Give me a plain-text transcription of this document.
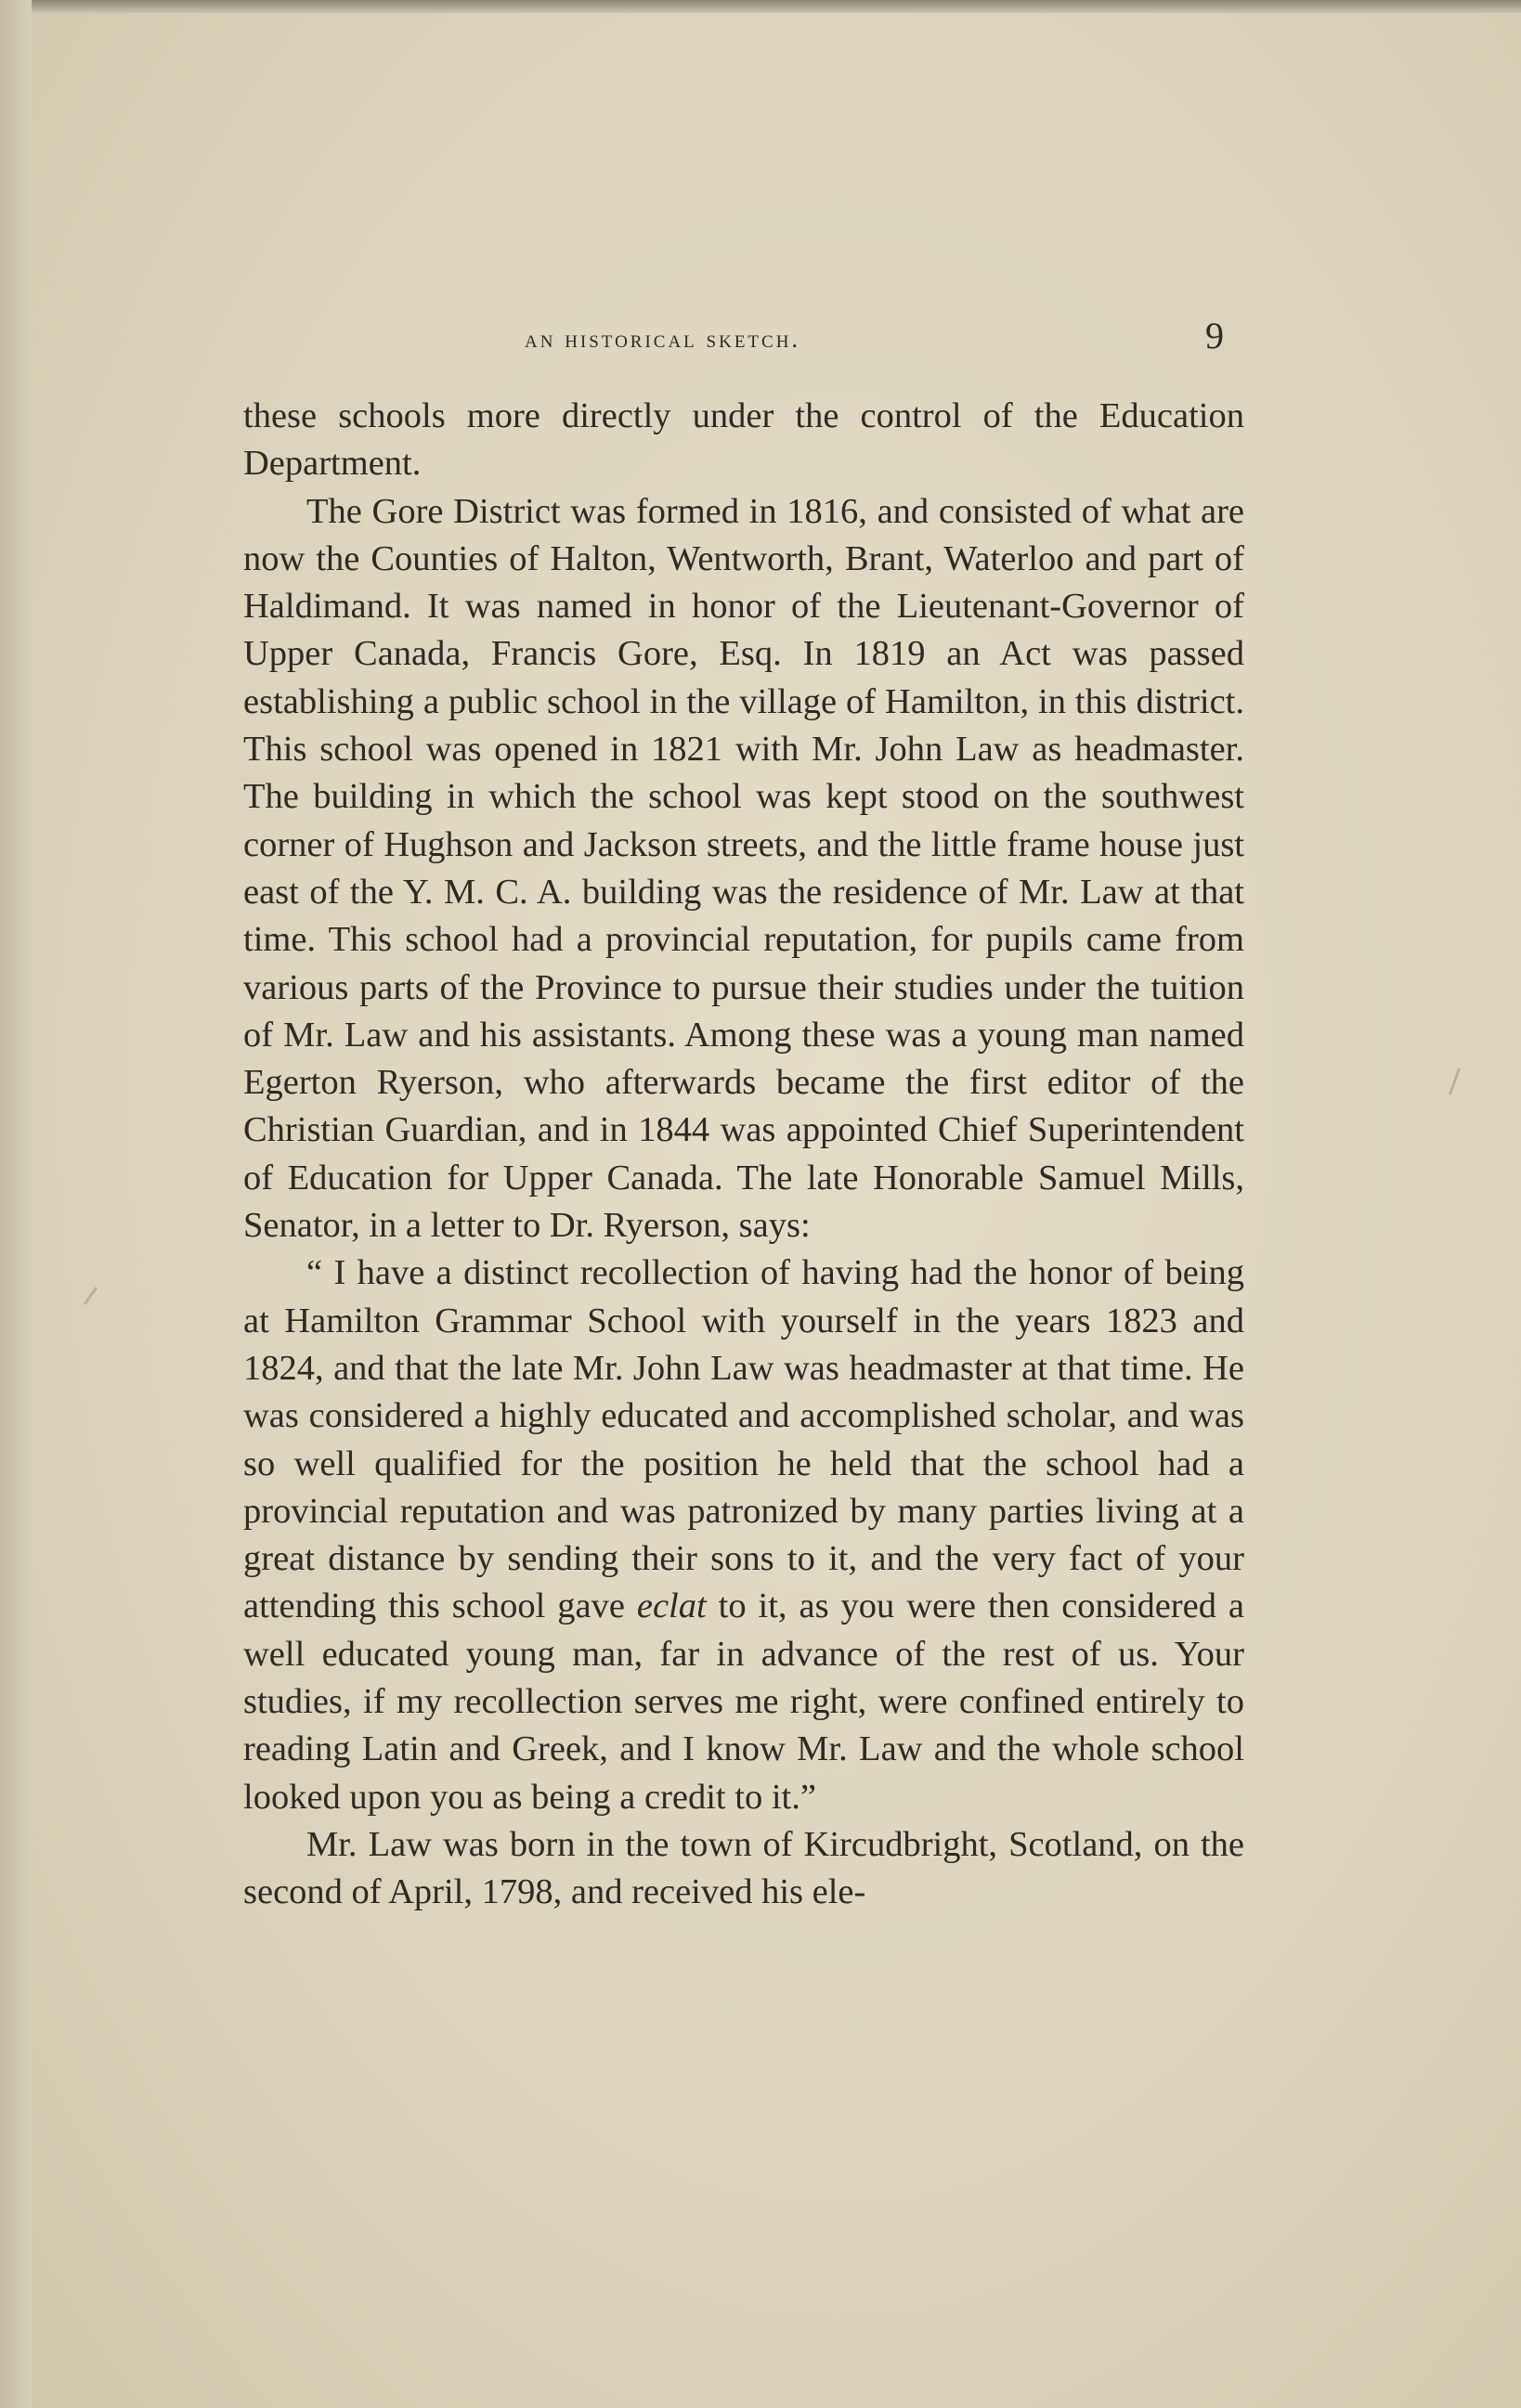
an historical sketch.	9

these schools more directly under the control of the Education Department.

The Gore District was formed in 1816, and consisted of what are now the Counties of Halton, Wentworth, Brant, Waterloo and part of Haldimand. It was named in honor of the Lieutenant-Governor of Upper Canada, Francis Gore, Esq. In 1819 an Act was passed establishing a public school in the village of Hamilton, in this district. This school was opened in 1821 with Mr. John Law as headmaster. The building in which the school was kept stood on the southwest corner of Hughson and Jackson streets, and the little frame house just east of the Y. M. C. A. building was the residence of Mr. Law at that time. This school had a provincial reputation, for pupils came from various parts of the Province to pursue their studies under the tuition of Mr. Law and his assistants. Among these was a young man named Egerton Ryerson, who afterwards became the first editor of the Christian Guardian, and in 1844 was appointed Chief Superintendent of Education for Upper Canada. The late Honorable Samuel Mills, Senator, in a letter to Dr. Ryerson, says:

“ I have a distinct recollection of having had the honor of being at Hamilton Grammar School with yourself in the years 1823 and 1824, and that the late Mr. John Law was headmaster at that time. He was considered a highly educated and accomplished scholar, and was so well qualified for the position he held that the school had a provincial reputation and was patronized by many parties living at a great distance by sending their sons to it, and the very fact of your attending this school gave eclat to it, as you were then considered a well educated young man, far in advance of the rest of us. Your studies, if my recollection serves me right, were confined entirely to reading Latin and Greek, and I know Mr. Law and the whole school looked upon you as being a credit to it.”

Mr. Law was born in the town of Kircudbright, Scotland, on the second of April, 1798, and received his ele-
